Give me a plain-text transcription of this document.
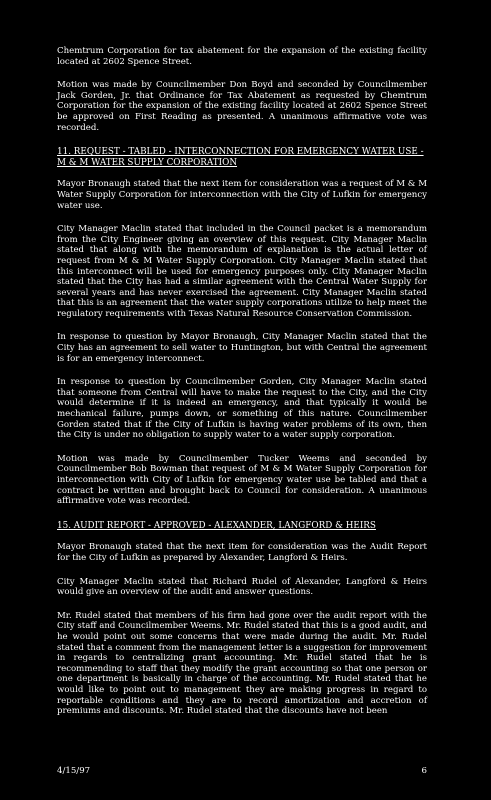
Chemtrum Corporation for tax abatement for the expansion of the existing facility located at 2602 Spence Street.

Motion was made by Councilmember Don Boyd and seconded by Councilmember Jack Gorden, Jr. that Ordinance for Tax Abatement as requested by Chemtrum Corporation for the expansion of the existing facility located at 2602 Spence Street be approved on First Reading as presented. A unanimous affirmative vote was recorded.

11. REQUEST - TABLED - INTERCONNECTION FOR EMERGENCY WATER USE - M & M WATER SUPPLY CORPORATION

Mayor Bronaugh stated that the next item for consideration was a request of M & M Water Supply Corporation for interconnection with the City of Lufkin for emergency water use.

City Manager Maclin stated that included in the Council packet is a memorandum from the City Engineer giving an overview of this request. City Manager Maclin stated that along with the memorandum of explanation is the actual letter of request from M & M Water Supply Corporation. City Manager Maclin stated that this interconnect will be used for emergency purposes only. City Manager Maclin stated that the City has had a similar agreement with the Central Water Supply for several years and has never exercised the agreement. City Manager Maclin stated that this is an agreement that the water supply corporations utilize to help meet the regulatory requirements with Texas Natural Resource Conservation Commission.

In response to question by Mayor Bronaugh, City Manager Maclin stated that the City has an agreement to sell water to Huntington, but with Central the agreement is for an emergency interconnect.

In response to question by Councilmember Gorden, City Manager Maclin stated that someone from Central will have to make the request to the City, and the City would determine if it is indeed an emergency, and that typically it would be mechanical failure, pumps down, or something of this nature. Councilmember Gorden stated that if the City of Lufkin is having water problems of its own, then the City is under no obligation to supply water to a water supply corporation.

Motion was made by Councilmember Tucker Weems and seconded by Councilmember Bob Bowman that request of M & M Water Supply Corporation for interconnection with City of Lufkin for emergency water use be tabled and that a contract be written and brought back to Council for consideration. A unanimous affirmative vote was recorded.

15. AUDIT REPORT - APPROVED - ALEXANDER, LANGFORD & HEIRS

Mayor Bronaugh stated that the next item for consideration was the Audit Report for the City of Lufkin as prepared by Alexander, Langford & Heirs.

City Manager Maclin stated that Richard Rudel of Alexander, Langford & Heirs would give an overview of the audit and answer questions.

Mr. Rudel stated that members of his firm had gone over the audit report with the City staff and Councilmember Weems. Mr. Rudel stated that this is a good audit, and he would point out some concerns that were made during the audit. Mr. Rudel stated that a comment from the management letter is a suggestion for improvement in regards to centralizing grant accounting. Mr. Rudel stated that he is recommending to staff that they modify the grant accounting so that one person or one department is basically in charge of the accounting. Mr. Rudel stated that he would like to point out to management they are making progress in regard to reportable conditions and they are to record amortization and accretion of premiums and discounts. Mr. Rudel stated that the discounts have not been

4/15/97	6
